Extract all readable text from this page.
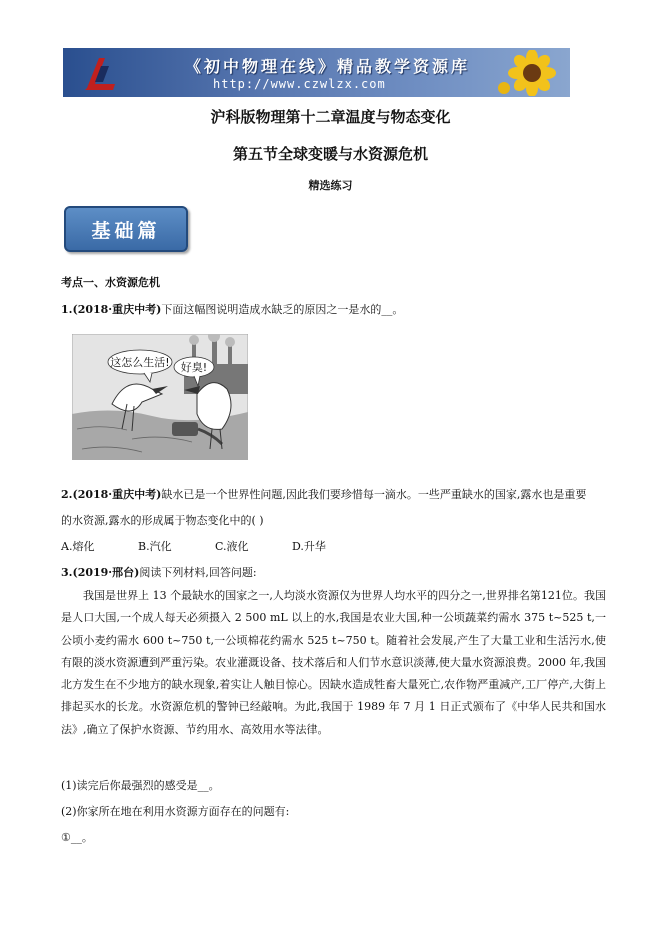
《初中物理在线》精品教学资源库
http://www.czwlzx.com
沪科版物理第十二章温度与物态变化
第五节全球变暖与水资源危机
精选练习
基础篇
考点一、水资源危机
1.(2018·重庆中考)下面这幅图说明造成水缺乏的原因之一是水的__。
这怎么生活! 好臭!
2.(2018·重庆中考)缺水已是一个世界性问题,因此我们要珍惜每一滴水。一些严重缺水的国家,露水也是重要
的水资源,露水的形成属于物态变化中的( )
A.熔化	B.汽化	C.液化	D.升华
3.(2019·邢台)阅读下列材料,回答问题:
我国是世界上 13 个最缺水的国家之一,人均淡水资源仅为世界人均水平的四分之一,世界排名第121位。我国是人口大国,一个成人每天必须摄入 2 500 mL 以上的水,我国是农业大国,种一公顷蔬菜约需水 375 t~525 t,一公顷小麦约需水 600 t~750 t,一公顷棉花约需水 525 t~750 t。随着社会发展,产生了大量工业和生活污水,使有限的淡水资源遭到严重污染。农业灌溉设备、技术落后和人们节水意识淡薄,使大量水资源浪费。2000 年,我国北方发生在不少地方的缺水现象,着实让人触目惊心。因缺水造成牲畜大量死亡,农作物严重减产,工厂停产,大街上排起买水的长龙。水资源危机的警钟已经敲响。为此,我国于 1989 年 7 月 1 日正式颁布了《中华人民共和国水法》,确立了保护水资源、节约用水、高效用水等法律。
(1)读完后你最强烈的感受是__。
(2)你家所在地在利用水资源方面存在的问题有:
①__。
